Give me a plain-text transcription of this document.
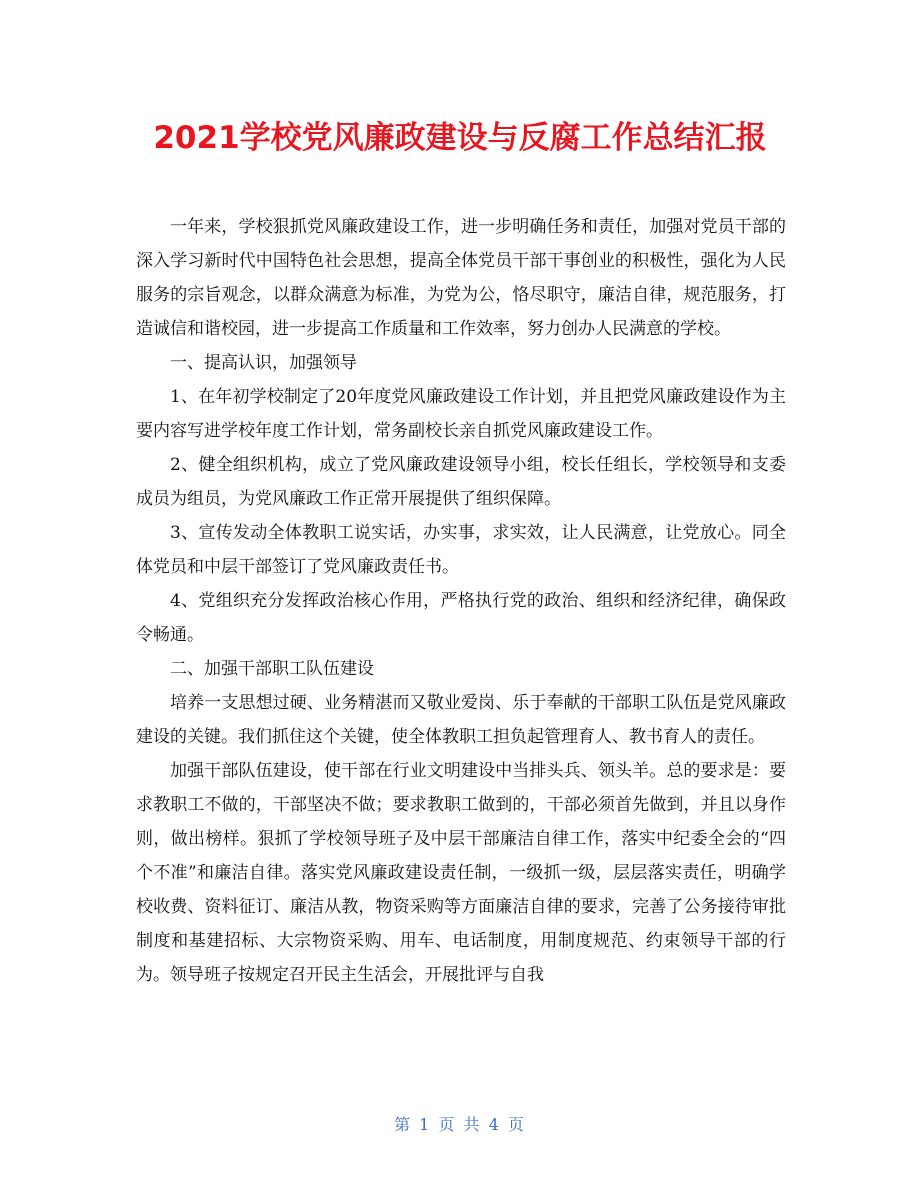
2021学校党风廉政建设与反腐工作总结汇报

一年来，学校狠抓党风廉政建设工作，进一步明确任务和责任，加强对党员干部的深入学习新时代中国特色社会思想，提高全体党员干部干事创业的积极性，强化为人民服务的宗旨观念，以群众满意为标准，为党为公，恪尽职守，廉洁自律，规范服务，打造诚信和谐校园，进一步提高工作质量和工作效率，努力创办人民满意的学校。

一、提高认识，加强领导

1、在年初学校制定了20年度党风廉政建设工作计划，并且把党风廉政建设作为主要内容写进学校年度工作计划，常务副校长亲自抓党风廉政建设工作。

2、健全组织机构，成立了党风廉政建设领导小组，校长任组长，学校领导和支委成员为组员，为党风廉政工作正常开展提供了组织保障。

3、宣传发动全体教职工说实话，办实事，求实效，让人民满意，让党放心。同全体党员和中层干部签订了党风廉政责任书。

4、党组织充分发挥政治核心作用，严格执行党的政治、组织和经济纪律，确保政令畅通。

二、加强干部职工队伍建设

培养一支思想过硬、业务精湛而又敬业爱岗、乐于奉献的干部职工队伍是党风廉政建设的关键。我们抓住这个关键，使全体教职工担负起管理育人、教书育人的责任。

加强干部队伍建设，使干部在行业文明建设中当排头兵、领头羊。总的要求是：要求教职工不做的，干部坚决不做；要求教职工做到的，干部必须首先做到，并且以身作则，做出榜样。狠抓了学校领导班子及中层干部廉洁自律工作，落实中纪委全会的“四个不准”和廉洁自律。落实党风廉政建设责任制，一级抓一级，层层落实责任，明确学校收费、资料征订、廉洁从教，物资采购等方面廉洁自律的要求，完善了公务接待审批制度和基建招标、大宗物资采购、用车、电话制度，用制度规范、约束领导干部的行为。领导班子按规定召开民主生活会，开展批评与自我

第 1 页 共 4 页
